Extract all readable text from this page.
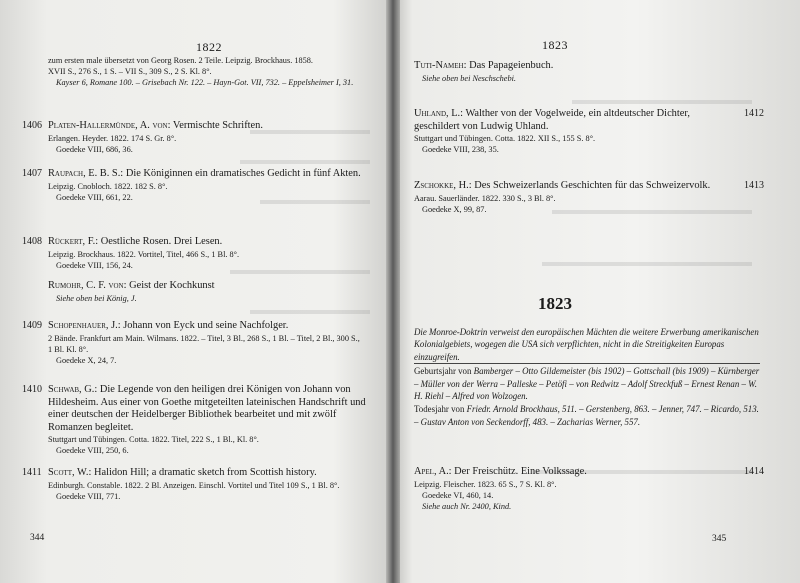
1822
zum ersten male übersetzt von Georg Rosen. 2 Teile. Leipzig. Brockhaus. 1858.
XVII S., 276 S., 1 S. – VII S., 309 S., 2 S. Kl. 8°.
Kayser 6, Romane 100. – Grisebach Nr. 122. – Hayn-Got. VII, 732. – Eppelsheimer I, 31.
1406 Platen-Hallermünde, A. von: Vermischte Schriften.
Erlangen. Heyder. 1822. 174 S. Gr. 8°.
Goedeke VIII, 686, 36.
1407 Raupach, E. B. S.: Die Königinnen ein dramatisches Gedicht in fünf Akten.
Leipzig. Cnobloch. 1822. 182 S. 8°.
Goedeke VIII, 661, 22.
1408 Rückert, F.: Oestliche Rosen. Drei Lesen.
Leipzig. Brockhaus. 1822. Vortitel, Titel, 466 S., 1 Bl. 8°.
Goedeke VIII, 156, 24.
Rumohr, C. F. von: Geist der Kochkunst
Siehe oben bei König, J.
1409 Schopenhauer, J.: Johann von Eyck und seine Nachfolger.
2 Bände. Frankfurt am Main. Wilmans. 1822. – Titel, 3 Bl., 268 S., 1 Bl. – Titel, 2 Bl., 300 S., 1 Bl. Kl. 8°.
Goedeke X, 24, 7.
1410 Schwab, G.: Die Legende von den heiligen drei Königen von Johann von Hildesheim. Aus einer von Goethe mitgeteilten lateinischen Handschrift und einer deutschen der Heidelberger Bibliothek bearbeitet und mit zwölf Romanzen begleitet.
Stuttgart und Tübingen. Cotta. 1822. Titel, 222 S., 1 Bl., Kl. 8°.
Goedeke VIII, 250, 6.
1411 Scott, W.: Halidon Hill; a dramatic sketch from Scottish history.
Edinburgh. Constable. 1822. 2 Bl. Anzeigen. Einschl. Vortitel und Titel 109 S., 1 Bl. 8°.
Goedeke VIII, 771.
344
1823
Tuti-Nameh: Das Papageienbuch.
Siehe oben bei Neschschebi.
1412
Uhland, L.: Walther von der Vogelweide, ein altdeutscher Dichter, geschildert von Ludwig Uhland.
Stuttgart und Tübingen. Cotta. 1822. XII S., 155 S. 8°.
Goedeke VIII, 238, 35.
1413
Zschokke, H.: Des Schweizerlands Geschichten für das Schweizervolk.
Aarau. Sauerländer. 1822. 330 S., 3 Bl. 8°.
Goedeke X, 99, 87.
1823

Die Monroe-Doktrin verweist den europäischen Mächten die weitere Erwerbung amerikanischen Kolonialgebiets, wogegen die USA sich verpflichten, nicht in die Streitigkeiten Europas einzugreifen.

Geburtsjahr von Bamberger – Otto Gildemeister (bis 1902) – Gottschall (bis 1909) – Kürnberger – Müller von der Werra – Palleske – Petöfi – von Redwitz – Adolf Streckfuß – Ernest Renan – W. H. Riehl – Alfred von Wolzogen.

Todesjahr von Friedr. Arnold Brockhaus, 511. – Gerstenberg, 863. – Jenner, 747. – Ricardo, 513. – Gustav Anton von Seckendorff, 483. – Zacharias Werner, 557.

1414
Apel, A.: Der Freischütz. Eine Volkssage.
Leipzig. Fleischer. 1823. 65 S., 7 S. Kl. 8°.
Goedeke VI, 460, 14.
Siehe auch Nr. 2400, Kind.
345
